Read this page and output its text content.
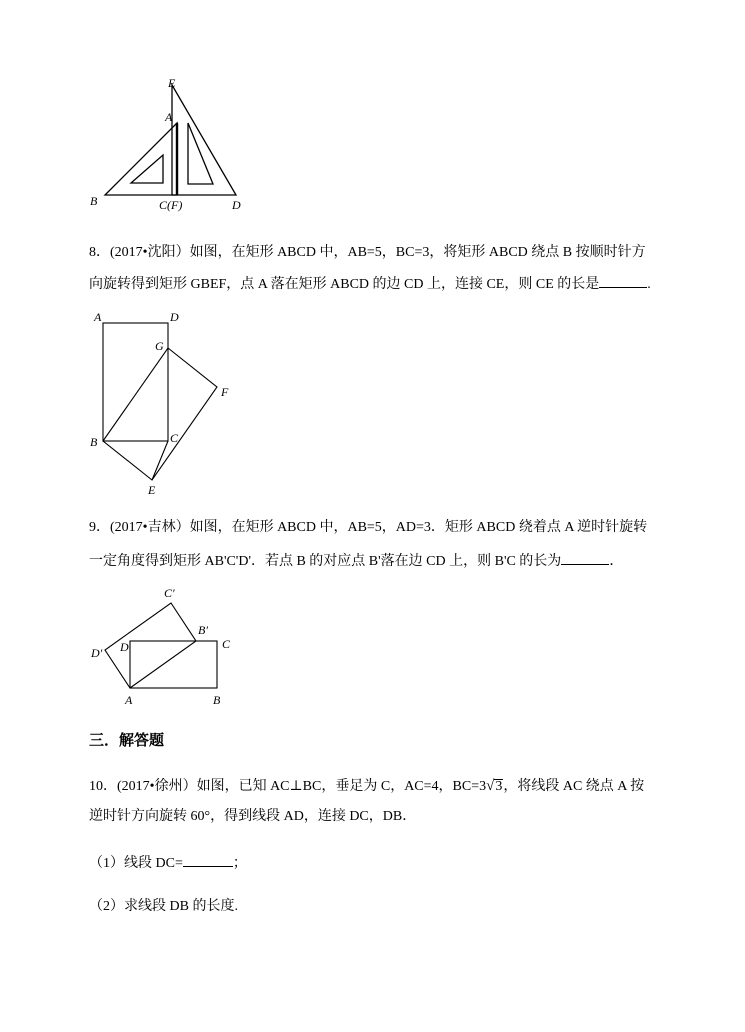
E
A
B	C(F)	D
8．(2017•沈阳）如图，在矩形 ABCD 中，AB=5，BC=3，将矩形 ABCD 绕点 B 按顺时针方
向旋转得到矩形 GBEF，点 A 落在矩形 ABCD 的边 CD 上，连接 CE，则 CE 的长是	.
A	D
G
F
B	C
E
9．(2017•吉林）如图，在矩形 ABCD 中，AB=5，AD=3．矩形 ABCD 绕着点 A 逆时针旋转
一定角度得到矩形 AB'C'D'．若点 B 的对应点 B'落在边 CD 上，则 B'C 的长为	．
C′
B′
C
D′ D
A	B
三．解答题
10．(2017•徐州）如图，已知 AC⊥BC，垂足为 C，AC=4，BC=3√3，将线段 AC 绕点 A 按
逆时针方向旋转 60°，得到线段 AD，连接 DC，DB．
（1）线段 DC=	；
（2）求线段 DB 的长度.
